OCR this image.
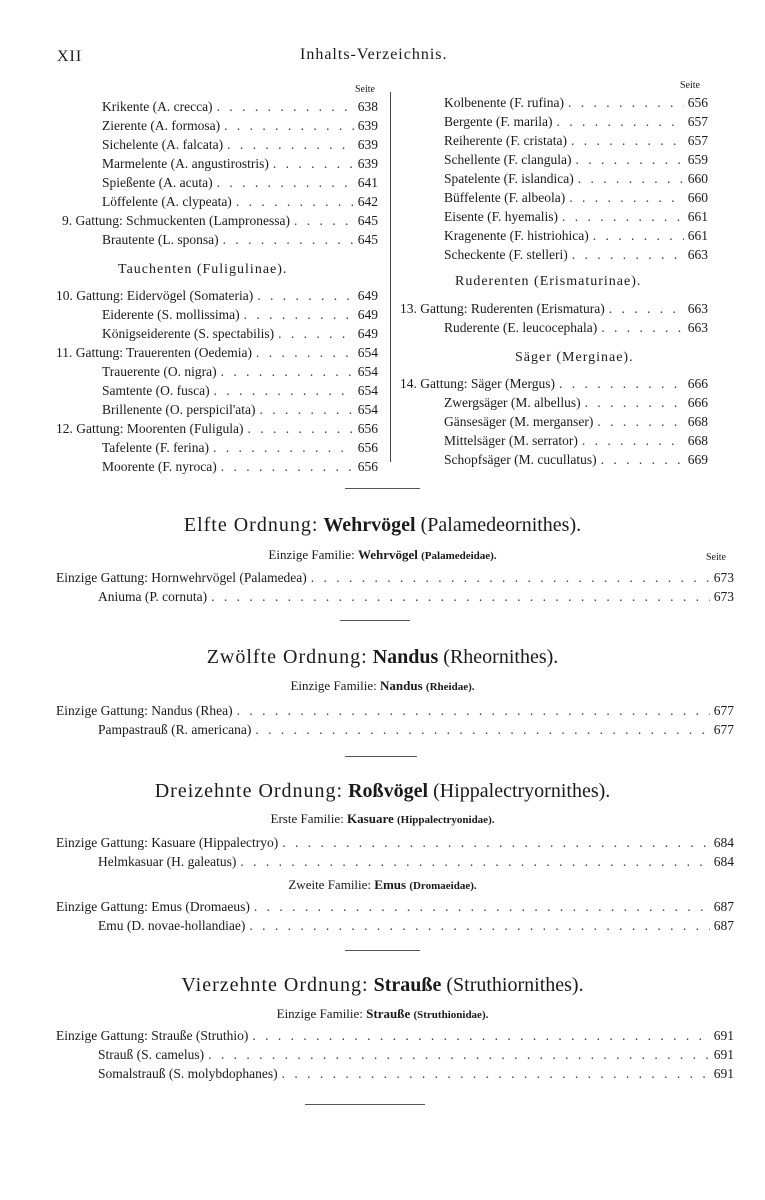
XII	Inhalts-Verzeichnis.
Seite	Seite
Krikente (A. crecca) . . .	638
Zierente (A. formosa) . . .	639
Sichelente (A. falcata) . . .	639
Marmelente (A. angustirostris) . . .	639
Spießente (A. acuta) . . .	641
Löffelente (A. clypeata) . . .	642
9. Gattung: Schmuckenten (Lampronessa) . . .	645
Brautente (L. sponsa) . . .	645
Tauchenten (Fuligulinae).
10. Gattung: Eidervögel (Somateria) . . .	649
Eiderente (S. mollissima) . . .	649
Königseiderente (S. spectabilis) . . .	649
11. Gattung: Trauerenten (Oedemia) . . .	654
Trauerente (O. nigra) . . .	654
Samtente (O. fusca) . . .	654
Brillenente (O. perspicil'ata) . . .	654
12. Gattung: Moorenten (Fuligula) . . .	656
Tafelente (F. ferina) . . .	656
Moorente (F. nyroca) . . .	656
Kolbenente (F. rufina) . . .	656
Bergente (F. marila) . . .	657
Reiherente (F. cristata) . . .	657
Schellente (F. clangula) . . .	659
Spatelente (F. islandica) . . .	660
Büffelente (F. albeola) . . .	660
Eisente (F. hyemalis) . . .	661
Kragenente (F. histriohica) . . .	661
Scheckente (F. stelleri) . . .	663
Ruderenten (Erismaturinae).
13. Gattung: Ruderenten (Erismatura) . . .	663
Ruderente (E. leucocephala) . . .	663
Säger (Merginae).
14. Gattung: Säger (Mergus) . . .	666
Zwergsäger (M. albellus) . . .	666
Gänsesäger (M. merganser) . . .	668
Mittelsäger (M. serrator) . . .	668
Schopfsäger (M. cucullatus) . . .	669
Elfte Ordnung: Wehrvögel (Palamedeornithes).
Einzige Familie: Wehrvögel (Palamedeidae).	Seite
Einzige Gattung: Hornwehrvögel (Palamedea) . . .	673
Anіuma (P. cornuta) . . .	673
Zwölfte Ordnung: Nandus (Rheornithes).
Einzige Familie: Nandus (Rheidae).
Einzige Gattung: Nandus (Rhea) . . .	677
Pampastrauß (R. americana) . . .	677
Dreizehnte Ordnung: Roßvögel (Hippalectryornithes).
Erste Familie: Kasuare (Hippalectryonidae).
Einzige Gattung: Kasuare (Hippalectryo) . . .	684
Helmkasuar (H. galeatus) . . .	684
Zweite Familie: Emus (Dromaeidae).
Einzige Gattung: Emus (Dromaeus) . . .	687
Emu (D. novae-hollandiae) . . .	687
Vierzehnte Ordnung: Strauße (Struthiornithes).
Einzige Familie: Strauße (Struthionidae).
Einzige Gattung: Strauße (Struthio) . . .	691
Strauß (S. camelus) . . .	691
Somalstrauß (S. molybdophanes) . . .	691
